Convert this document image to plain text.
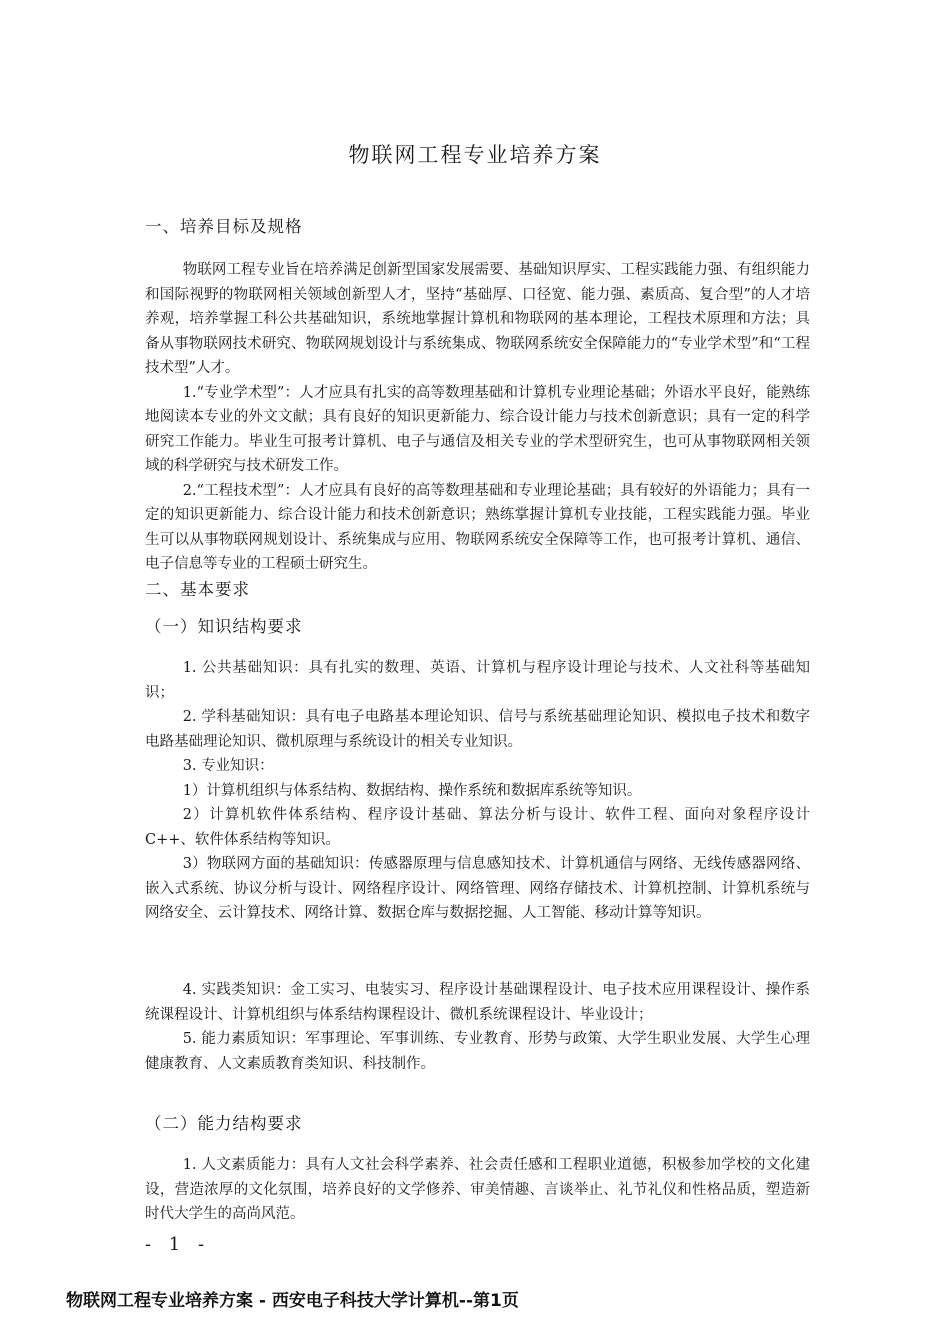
物联网工程专业培养方案
一、培养目标及规格

物联网工程专业旨在培养满足创新型国家发展需要、基础知识厚实、工程实践能力强、有组织能力和国际视野的物联网相关领域创新型人才，坚持“基础厚、口径宽、能力强、素质高、复合型”的人才培养观，培养掌握工科公共基础知识，系统地掌握计算机和物联网的基本理论，工程技术原理和方法；具备从事物联网技术研究、物联网规划设计与系统集成、物联网系统安全保障能力的“专业学术型”和“工程技术型”人才。

1.“专业学术型”：人才应具有扎实的高等数理基础和计算机专业理论基础；外语水平良好，能熟练地阅读本专业的外文文献；具有良好的知识更新能力、综合设计能力与技术创新意识；具有一定的科学研究工作能力。毕业生可报考计算机、电子与通信及相关专业的学术型研究生，也可从事物联网相关领域的科学研究与技术研发工作。

2.“工程技术型”：人才应具有良好的高等数理基础和专业理论基础；具有较好的外语能力；具有一定的知识更新能力、综合设计能力和技术创新意识；熟练掌握计算机专业技能，工程实践能力强。毕业生可以从事物联网规划设计、系统集成与应用、物联网系统安全保障等工作，也可报考计算机、通信、电子信息等专业的工程硕士研究生。

二、基本要求
（一）知识结构要求

1. 公共基础知识：具有扎实的数理、英语、计算机与程序设计理论与技术、人文社科等基础知识；

2. 学科基础知识：具有电子电路基本理论知识、信号与系统基础理论知识、模拟电子技术和数字电路基础理论知识、微机原理与系统设计的相关专业知识。

3. 专业知识：

1）计算机组织与体系结构、数据结构、操作系统和数据库系统等知识。

2）计算机软件体系结构、程序设计基础、算法分析与设计、软件工程、面向对象程序设计 C++、软件体系结构等知识。

3）物联网方面的基础知识：传感器原理与信息感知技术、计算机通信与网络、无线传感器网络、嵌入式系统、协议分析与设计、网络程序设计、网络管理、网络存储技术、计算机控制、计算机系统与网络安全、云计算技术、网络计算、数据仓库与数据挖掘、人工智能、移动计算等知识。

4. 实践类知识：金工实习、电装实习、程序设计基础课程设计、电子技术应用课程设计、操作系统课程设计、计算机组织与体系结构课程设计、微机系统课程设计、毕业设计；

5. 能力素质知识：军事理论、军事训练、专业教育、形势与政策、大学生职业发展、大学生心理健康教育、人文素质教育类知识、科技制作。

（二）能力结构要求

1. 人文素质能力：具有人文社会科学素养、社会责任感和工程职业道德，积极参加学校的文化建设，营造浓厚的文化氛围，培养良好的文学修养、审美情趣、言谈举止、礼节礼仪和性格品质，塑造新时代大学生的高尚风范。

- 1 -
物联网工程专业培养方案 - 西安电子科技大学计算机--第1页
